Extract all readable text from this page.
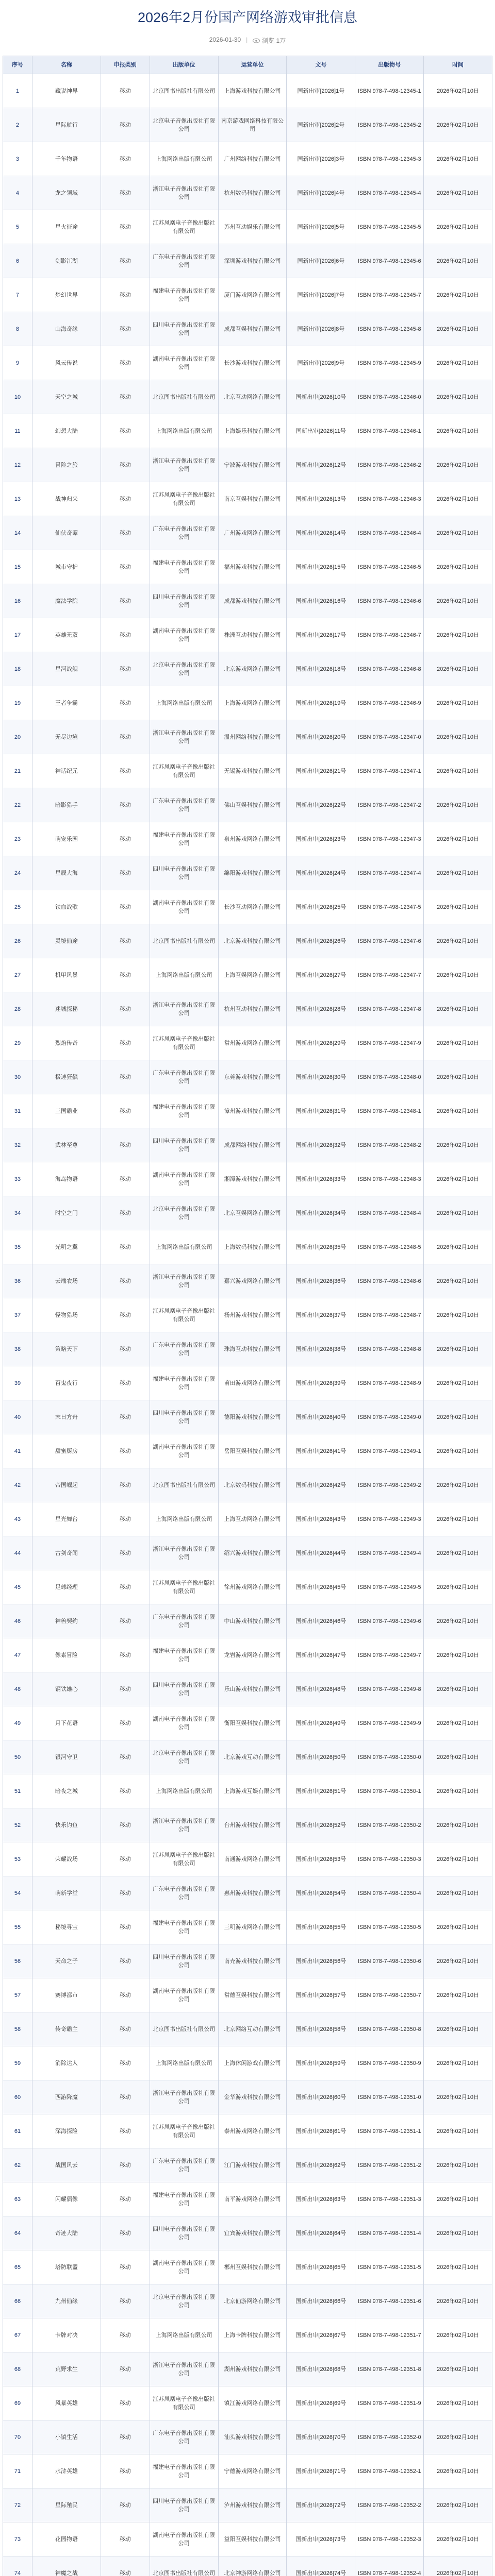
2026年2月份国产网络游戏审批信息
2026-01-30 | 浏览 1万
序号	名称	申报类别	出版单位	运营单位	文号	出版物号	时间
1	藏说神界	移动	北京图书出版社有限公司	上海游戏科技有限公司	国新出审[2026]1号	ISBN 978-7-498-12345-1	2026年02月10日
2	星际航行	移动	北京电子音像出版社有限公司	南京游戏网络科技有限公司	国新出审[2026]2号	ISBN 978-7-498-12345-2	2026年02月10日
3	千年物语	移动	上海网络出版有限公司	广州网络科技有限公司	国新出审[2026]3号	ISBN 978-7-498-12345-3	2026年02月10日
4	龙之领域	移动	浙江电子音像出版社有限公司	杭州数码科技有限公司	国新出审[2026]4号	ISBN 978-7-498-12345-4	2026年02月10日
5	星火征途	移动	江苏凤凰电子音像出版社有限公司	苏州互动娱乐有限公司	国新出审[2026]5号	ISBN 978-7-498-12345-5	2026年02月10日
6	剑影江湖	移动	广东电子音像出版社有限公司	深圳游戏科技有限公司	国新出审[2026]6号	ISBN 978-7-498-12345-6	2026年02月10日
7	梦幻世界	移动	福建电子音像出版社有限公司	厦门游戏网络有限公司	国新出审[2026]7号	ISBN 978-7-498-12345-7	2026年02月10日
8	山海奇缘	移动	四川电子音像出版社有限公司	成都互娱科技有限公司	国新出审[2026]8号	ISBN 978-7-498-12345-8	2026年02月10日
9	风云传说	移动	湖南电子音像出版社有限公司	长沙游戏科技有限公司	国新出审[2026]9号	ISBN 978-7-498-12345-9	2026年02月10日
10	天空之城	移动	北京图书出版社有限公司	北京互动网络有限公司	国新出审[2026]10号	ISBN 978-7-498-12346-0	2026年02月10日
11	幻想大陆	移动	上海网络出版有限公司	上海娱乐科技有限公司	国新出审[2026]11号	ISBN 978-7-498-12346-1	2026年02月10日
12	冒险之旅	移动	浙江电子音像出版社有限公司	宁波游戏科技有限公司	国新出审[2026]12号	ISBN 978-7-498-12346-2	2026年02月10日
13	战神归来	移动	江苏凤凰电子音像出版社有限公司	南京互娱科技有限公司	国新出审[2026]13号	ISBN 978-7-498-12346-3	2026年02月10日
14	仙侠奇谭	移动	广东电子音像出版社有限公司	广州游戏网络有限公司	国新出审[2026]14号	ISBN 978-7-498-12346-4	2026年02月10日
15	城市守护	移动	福建电子音像出版社有限公司	福州游戏科技有限公司	国新出审[2026]15号	ISBN 978-7-498-12346-5	2026年02月10日
16	魔法学院	移动	四川电子音像出版社有限公司	成都游戏科技有限公司	国新出审[2026]16号	ISBN 978-7-498-12346-6	2026年02月10日
17	英雄无双	移动	湖南电子音像出版社有限公司	株洲互动科技有限公司	国新出审[2026]17号	ISBN 978-7-498-12346-7	2026年02月10日
18	星河战舰	移动	北京电子音像出版社有限公司	北京游戏网络有限公司	国新出审[2026]18号	ISBN 978-7-498-12346-8	2026年02月10日
19	王者争霸	移动	上海网络出版有限公司	上海游戏网络有限公司	国新出审[2026]19号	ISBN 978-7-498-12346-9	2026年02月10日
20	无尽边境	移动	浙江电子音像出版社有限公司	温州网络科技有限公司	国新出审[2026]20号	ISBN 978-7-498-12347-0	2026年02月10日
21	神话纪元	移动	江苏凤凰电子音像出版社有限公司	无锡游戏科技有限公司	国新出审[2026]21号	ISBN 978-7-498-12347-1	2026年02月10日
22	暗影猎手	移动	广东电子音像出版社有限公司	佛山互娱科技有限公司	国新出审[2026]22号	ISBN 978-7-498-12347-2	2026年02月10日
23	萌宠乐园	移动	福建电子音像出版社有限公司	泉州游戏网络有限公司	国新出审[2026]23号	ISBN 978-7-498-12347-3	2026年02月10日
24	星辰大海	移动	四川电子音像出版社有限公司	绵阳游戏科技有限公司	国新出审[2026]24号	ISBN 978-7-498-12347-4	2026年02月10日
25	铁血战歌	移动	湖南电子音像出版社有限公司	长沙互动网络有限公司	国新出审[2026]25号	ISBN 978-7-498-12347-5	2026年02月10日
26	灵境仙途	移动	北京图书出版社有限公司	北京游戏科技有限公司	国新出审[2026]26号	ISBN 978-7-498-12347-6	2026年02月10日
27	机甲风暴	移动	上海网络出版有限公司	上海互娱网络有限公司	国新出审[2026]27号	ISBN 978-7-498-12347-7	2026年02月10日
28	迷城探秘	移动	浙江电子音像出版社有限公司	杭州互动科技有限公司	国新出审[2026]28号	ISBN 978-7-498-12347-8	2026年02月10日
29	烈焰传奇	移动	江苏凤凰电子音像出版社有限公司	常州游戏网络有限公司	国新出审[2026]29号	ISBN 978-7-498-12347-9	2026年02月10日
30	极速狂飙	移动	广东电子音像出版社有限公司	东莞游戏科技有限公司	国新出审[2026]30号	ISBN 978-7-498-12348-0	2026年02月10日
31	三国霸业	移动	福建电子音像出版社有限公司	漳州游戏科技有限公司	国新出审[2026]31号	ISBN 978-7-498-12348-1	2026年02月10日
32	武林至尊	移动	四川电子音像出版社有限公司	成都网络科技有限公司	国新出审[2026]32号	ISBN 978-7-498-12348-2	2026年02月10日
33	海岛物语	移动	湖南电子音像出版社有限公司	湘潭游戏科技有限公司	国新出审[2026]33号	ISBN 978-7-498-12348-3	2026年02月10日
34	时空之门	移动	北京电子音像出版社有限公司	北京互娱网络有限公司	国新出审[2026]34号	ISBN 978-7-498-12348-4	2026年02月10日
35	光明之翼	移动	上海网络出版有限公司	上海数码科技有限公司	国新出审[2026]35号	ISBN 978-7-498-12348-5	2026年02月10日
36	云端农场	移动	浙江电子音像出版社有限公司	嘉兴游戏网络有限公司	国新出审[2026]36号	ISBN 978-7-498-12348-6	2026年02月10日
37	怪物猎场	移动	江苏凤凰电子音像出版社有限公司	扬州游戏科技有限公司	国新出审[2026]37号	ISBN 978-7-498-12348-7	2026年02月10日
38	策略天下	移动	广东电子音像出版社有限公司	珠海互动科技有限公司	国新出审[2026]38号	ISBN 978-7-498-12348-8	2026年02月10日
39	百鬼夜行	移动	福建电子音像出版社有限公司	莆田游戏网络有限公司	国新出审[2026]39号	ISBN 978-7-498-12348-9	2026年02月10日
40	末日方舟	移动	四川电子音像出版社有限公司	德阳游戏科技有限公司	国新出审[2026]40号	ISBN 978-7-498-12349-0	2026年02月10日
41	甜蜜厨房	移动	湖南电子音像出版社有限公司	岳阳互娱科技有限公司	国新出审[2026]41号	ISBN 978-7-498-12349-1	2026年02月10日
42	帝国崛起	移动	北京图书出版社有限公司	北京数码科技有限公司	国新出审[2026]42号	ISBN 978-7-498-12349-2	2026年02月10日
43	星光舞台	移动	上海网络出版有限公司	上海互动网络有限公司	国新出审[2026]43号	ISBN 978-7-498-12349-3	2026年02月10日
44	古剑奇闻	移动	浙江电子音像出版社有限公司	绍兴游戏科技有限公司	国新出审[2026]44号	ISBN 978-7-498-12349-4	2026年02月10日
45	足球经理	移动	江苏凤凰电子音像出版社有限公司	徐州游戏网络有限公司	国新出审[2026]45号	ISBN 978-7-498-12349-5	2026年02月10日
46	神兽契约	移动	广东电子音像出版社有限公司	中山游戏科技有限公司	国新出审[2026]46号	ISBN 978-7-498-12349-6	2026年02月10日
47	像素冒险	移动	福建电子音像出版社有限公司	龙岩游戏网络有限公司	国新出审[2026]47号	ISBN 978-7-498-12349-7	2026年02月10日
48	钢铁雄心	移动	四川电子音像出版社有限公司	乐山游戏科技有限公司	国新出审[2026]48号	ISBN 978-7-498-12349-8	2026年02月10日
49	月下花语	移动	湖南电子音像出版社有限公司	衡阳互娱科技有限公司	国新出审[2026]49号	ISBN 978-7-498-12349-9	2026年02月10日
50	银河守卫	移动	北京电子音像出版社有限公司	北京游戏互动有限公司	国新出审[2026]50号	ISBN 978-7-498-12350-0	2026年02月10日
51	暗夜之城	移动	上海网络出版有限公司	上海游戏互娱有限公司	国新出审[2026]51号	ISBN 978-7-498-12350-1	2026年02月10日
52	快乐钓鱼	移动	浙江电子音像出版社有限公司	台州游戏科技有限公司	国新出审[2026]52号	ISBN 978-7-498-12350-2	2026年02月10日
53	荣耀战场	移动	江苏凤凰电子音像出版社有限公司	南通游戏网络有限公司	国新出审[2026]53号	ISBN 978-7-498-12350-3	2026年02月10日
54	萌新学堂	移动	广东电子音像出版社有限公司	惠州游戏科技有限公司	国新出审[2026]54号	ISBN 978-7-498-12350-4	2026年02月10日
55	秘境寻宝	移动	福建电子音像出版社有限公司	三明游戏网络有限公司	国新出审[2026]55号	ISBN 978-7-498-12350-5	2026年02月10日
56	天命之子	移动	四川电子音像出版社有限公司	南充游戏科技有限公司	国新出审[2026]56号	ISBN 978-7-498-12350-6	2026年02月10日
57	赛博都市	移动	湖南电子音像出版社有限公司	常德互娱科技有限公司	国新出审[2026]57号	ISBN 978-7-498-12350-7	2026年02月10日
58	传奇霸主	移动	北京图书出版社有限公司	北京网络互动有限公司	国新出审[2026]58号	ISBN 978-7-498-12350-8	2026年02月10日
59	消除达人	移动	上海网络出版有限公司	上海休闲游戏有限公司	国新出审[2026]59号	ISBN 978-7-498-12350-9	2026年02月10日
60	西游降魔	移动	浙江电子音像出版社有限公司	金华游戏科技有限公司	国新出审[2026]60号	ISBN 978-7-498-12351-0	2026年02月10日
61	深海探险	移动	江苏凤凰电子音像出版社有限公司	泰州游戏网络有限公司	国新出审[2026]61号	ISBN 978-7-498-12351-1	2026年02月10日
62	战国风云	移动	广东电子音像出版社有限公司	江门游戏科技有限公司	国新出审[2026]62号	ISBN 978-7-498-12351-2	2026年02月10日
63	闪耀偶像	移动	福建电子音像出版社有限公司	南平游戏网络有限公司	国新出审[2026]63号	ISBN 978-7-498-12351-3	2026年02月10日
64	奇迹大陆	移动	四川电子音像出版社有限公司	宜宾游戏科技有限公司	国新出审[2026]64号	ISBN 978-7-498-12351-4	2026年02月10日
65	塔防联盟	移动	湖南电子音像出版社有限公司	郴州互娱科技有限公司	国新出审[2026]65号	ISBN 978-7-498-12351-5	2026年02月10日
66	九州仙缘	移动	北京电子音像出版社有限公司	北京仙游网络有限公司	国新出审[2026]66号	ISBN 978-7-498-12351-6	2026年02月10日
67	卡牌对决	移动	上海网络出版有限公司	上海卡牌科技有限公司	国新出审[2026]67号	ISBN 978-7-498-12351-7	2026年02月10日
68	荒野求生	移动	浙江电子音像出版社有限公司	湖州游戏科技有限公司	国新出审[2026]68号	ISBN 978-7-498-12351-8	2026年02月10日
69	风暴英雄	移动	江苏凤凰电子音像出版社有限公司	镇江游戏网络有限公司	国新出审[2026]69号	ISBN 978-7-498-12351-9	2026年02月10日
70	小镇生活	移动	广东电子音像出版社有限公司	汕头游戏科技有限公司	国新出审[2026]70号	ISBN 978-7-498-12352-0	2026年02月10日
71	水浒英雄	移动	福建电子音像出版社有限公司	宁德游戏网络有限公司	国新出审[2026]71号	ISBN 978-7-498-12352-1	2026年02月10日
72	星际殖民	移动	四川电子音像出版社有限公司	泸州游戏科技有限公司	国新出审[2026]72号	ISBN 978-7-498-12352-2	2026年02月10日
73	花园物语	移动	湖南电子音像出版社有限公司	益阳互娱科技有限公司	国新出审[2026]73号	ISBN 978-7-498-12352-3	2026年02月10日
74	神魔之战	移动	北京图书出版社有限公司	北京神游网络有限公司	国新出审[2026]74号	ISBN 978-7-498-12352-4	2026年02月10日
